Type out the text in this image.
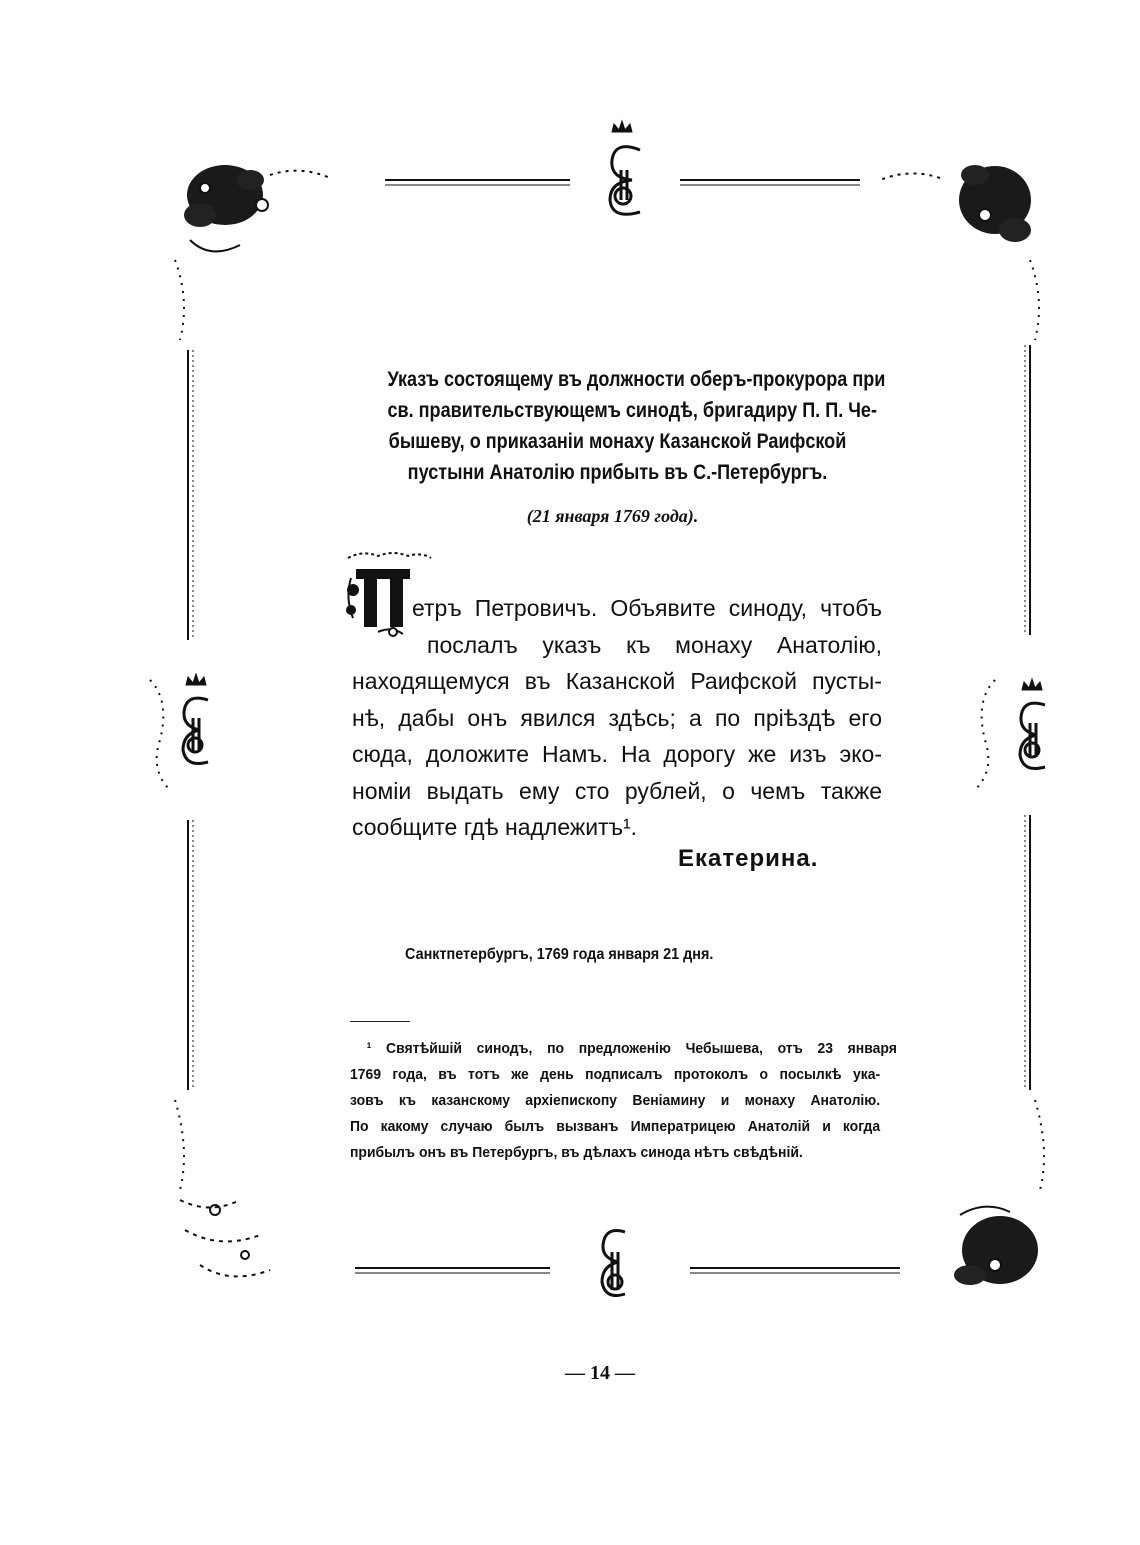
Указъ состоящему въ должности оберъ-прокурора при
св. правительствующемъ синодѣ, бригадиру П. П. Че-
бышеву, о приказанiи монаху Казанской Раифской
пустыни Анатолiю прибыть въ С.-Петербургъ.
(21 января 1769 года).
етръ Петровичъ. Объявите синоду, чтобъ
послалъ указъ къ монаху Анатолiю,
находящемуся въ Казанской Раифской пусты-
нѣ, дабы онъ явился здѣсь; а по прiѣздѣ его
сюда, доложите Намъ. На дорогу же изъ эко-
номiи выдать ему сто рублей, о чемъ также
сообщите гдѣ надлежитъ¹.
Екатерина.
Санктпетербургъ, 1769 года января 21 дня.
¹ Святѣйшiй синодъ, по предложенiю Чебышева, отъ 23 января
1769 года, въ тотъ же день подписалъ протоколъ о посылкѣ ука-
зовъ къ казанскому архiепископу Венiамину и монаху Анатолiю.
По какому случаю былъ вызванъ Императрицею Анатолiй и когда
прибылъ онъ въ Петербургъ, въ дѣлахъ синода нѣтъ свѣдѣнiй.
— 14 —
